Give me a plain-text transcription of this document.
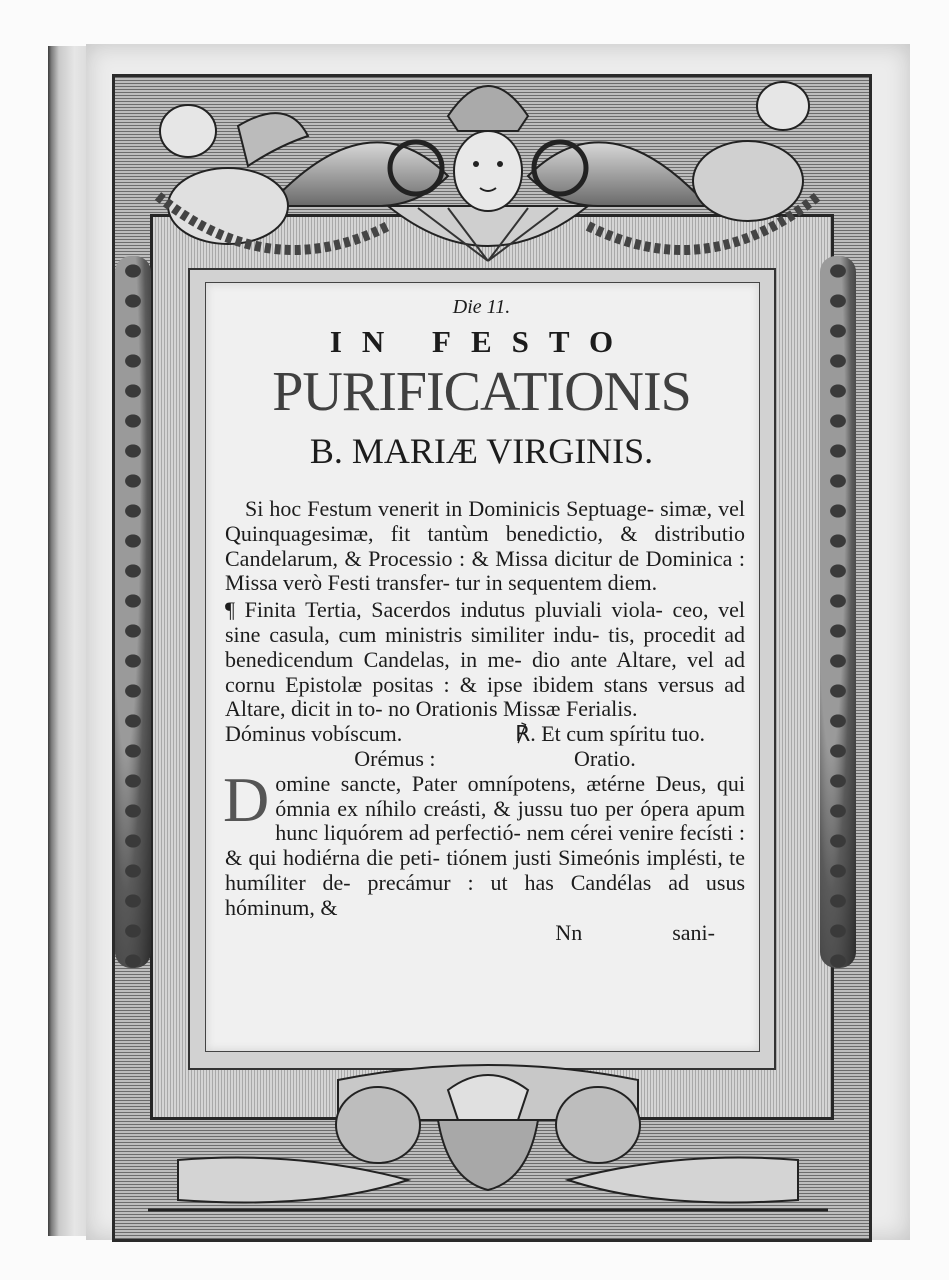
Die 11.
IN FESTO
PURIFICATIONIS
B. MARIÆ VIRGINIS.

Si hoc Festum venerit in Dominicis Septuage- simæ, vel Quinquagesimæ, fit tantùm benedictio, & distributio Candelarum, & Processio : & Missa dicitur de Dominica : Missa verò Festi transfer- tur in sequentem diem.

¶ Finita Tertia, Sacerdos indutus pluviali viola- ceo, vel sine casula, cum ministris similiter indu- tis, procedit ad benedicendum Candelas, in me- dio ante Altare, vel ad cornu Epistolæ positas : & ipse ibidem stans versus ad Altare, dicit in to- no Orationis Missæ Ferialis.

Dóminus vobíscum.	℟. Et cum spíritu tuo.
Orémus :	Oratio.

D omine sancte, Pater omnípotens, ætérne Deus, qui ómnia ex níhilo creásti, & jussu tuo per ópera apum hunc liquórem ad perfectió- nem cérei venire fecísti : & qui hodiérna die peti- tiónem justi Simeónis implésti, te humíliter de- precámur : ut has Candélas ad usus hóminum, &

Nn	sani-
